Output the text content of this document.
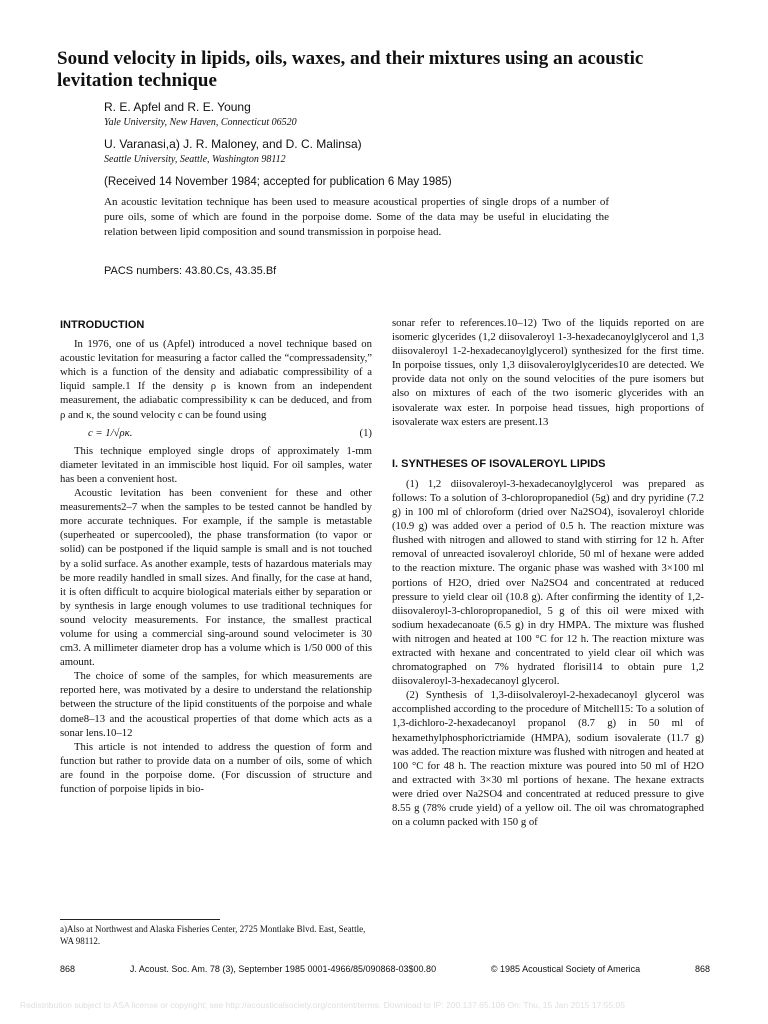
Sound velocity in lipids, oils, waxes, and their mixtures using an acoustic levitation technique
R. E. Apfel and R. E. Young
Yale University, New Haven, Connecticut 06520
U. Varanasi,a) J. R. Maloney, and D. C. Malinsa)
Seattle University, Seattle, Washington 98112
(Received 14 November 1984; accepted for publication 6 May 1985)

An acoustic levitation technique has been used to measure acoustical properties of single drops of a number of pure oils, some of which are found in the porpoise dome. Some of the data may be useful in elucidating the relation between lipid composition and sound transmission in porpoise head.

PACS numbers: 43.80.Cs, 43.35.Bf
INTRODUCTION

In 1976, one of us (Apfel) introduced a novel technique based on acoustic levitation for measuring a factor called the “compressadensity,” which is a function of the density and adiabatic compressibility of a liquid sample.1 If the density ρ is known from an independent measurement, the adiabatic compressibility κ can be deduced, and from ρ and κ, the sound velocity c can be found using

c = 1/√ρκ.	(1)

This technique employed single drops of approximately 1-mm diameter levitated in an immiscible host liquid. For oil samples, water has been a convenient host.

Acoustic levitation has been convenient for these and other measurements2–7 when the samples to be tested cannot be handled by more accurate techniques. For example, if the sample is metastable (superheated or supercooled), the phase transformation (to vapor or solid) can be postponed if the liquid sample is small and is not touched by a solid surface. As another example, tests of hazardous materials may be more readily handled in small sizes. And finally, for the case at hand, it is often difficult to acquire biological materials either by separation or by synthesis in large enough volumes to use traditional techniques for sound velocity measurements. For instance, the smallest practical volume for using a commercial sing-around sound velocimeter is 30 cm3. A millimeter diameter drop has a volume which is 1/50 000 of this amount.

The choice of some of the samples, for which measurements are reported here, was motivated by a desire to understand the relationship between the structure of the lipid constituents of the porpoise and whale dome8–13 and the acoustical properties of that dome which acts as a sonar lens.10–12

This article is not intended to address the question of form and function but rather to provide data on a number of oils, some of which are found in the porpoise dome. (For discussion of structure and function of porpoise lipids in bio-

a)Also at Northwest and Alaska Fisheries Center, 2725 Montlake Blvd. East, Seattle, WA 98112.

sonar refer to references.10–12) Two of the liquids reported on are isomeric glycerides (1,2 diisovaleroyl 1-3-hexadecanoylglycerol and 1,3 diisovaleroyl 1-2-hexadecanoylglycerol) synthesized for the first time. In porpoise tissues, only 1,3 diisovaleroylglycerides10 are detected. We provide data not only on the sound velocities of the pure isomers but also on mixtures of each of the two isomeric glycerides with an isovalerate wax ester. In porpoise head tissues, high proportions of isovalerate wax esters are present.13

I. SYNTHESES OF ISOVALEROYL LIPIDS

(1) 1,2 diisovaleroyl-3-hexadecanoylglycerol was prepared as follows: To a solution of 3-chloropropanediol (5g) and dry pyridine (7.2 g) in 100 ml of chloroform (dried over Na2SO4), isovaleroyl chloride (10.9 g) was added over a period of 0.5 h. The reaction mixture was flushed with nitrogen and allowed to stand with stirring for 12 h. After removal of unreacted isovaleroyl chloride, 50 ml of hexane were added to the reaction mixture. The organic phase was washed with 3×100 ml portions of H2O, dried over Na2SO4 and concentrated at reduced pressure to yield clear oil (10.8 g). After confirming the identity of 1,2-diisovaleroyl-3-chloropropanediol, 5 g of this oil were mixed with sodium hexadecanoate (6.5 g) in dry HMPA. The mixture was flushed with nitrogen and heated at 100 °C for 12 h. The reaction mixture was extracted with hexane and concentrated to yield clear oil which was chromatographed on 7% hydrated florisil14 to obtain pure 1,2 diisovaleroyl-3-hexadecanoyl glycerol.

(2) Synthesis of 1,3-diisolvaleroyl-2-hexadecanoyl glycerol was accomplished according to the procedure of Mitchell15: To a solution of 1,3-dichloro-2-hexadecanoyl propanol (8.7 g) in 50 ml of hexamethylphosphorictriamide (HMPA), sodium isovalerate (11.7 g) was added. The reaction mixture was flushed with nitrogen and heated at 100 °C for 48 h. The reaction mixture was poured into 50 ml of H2O and extracted with 3×30 ml portions of hexane. The hexane extracts were dried over Na2SO4 and concentrated at reduced pressure to give 8.55 g (78% crude yield) of a yellow oil. The oil was chromatographed on a column packed with 150 g of

868	J. Acoust. Soc. Am. 78 (3), September 1985 0001-4966/85/090868-03$00.80	© 1985 Acoustical Society of America	868
Redistribution subject to ASA license or copyright; see http://acousticalsociety.org/content/terms. Download to IP: 200.137.65.106 On: Thu, 15 Jan 2015 17:55:05
